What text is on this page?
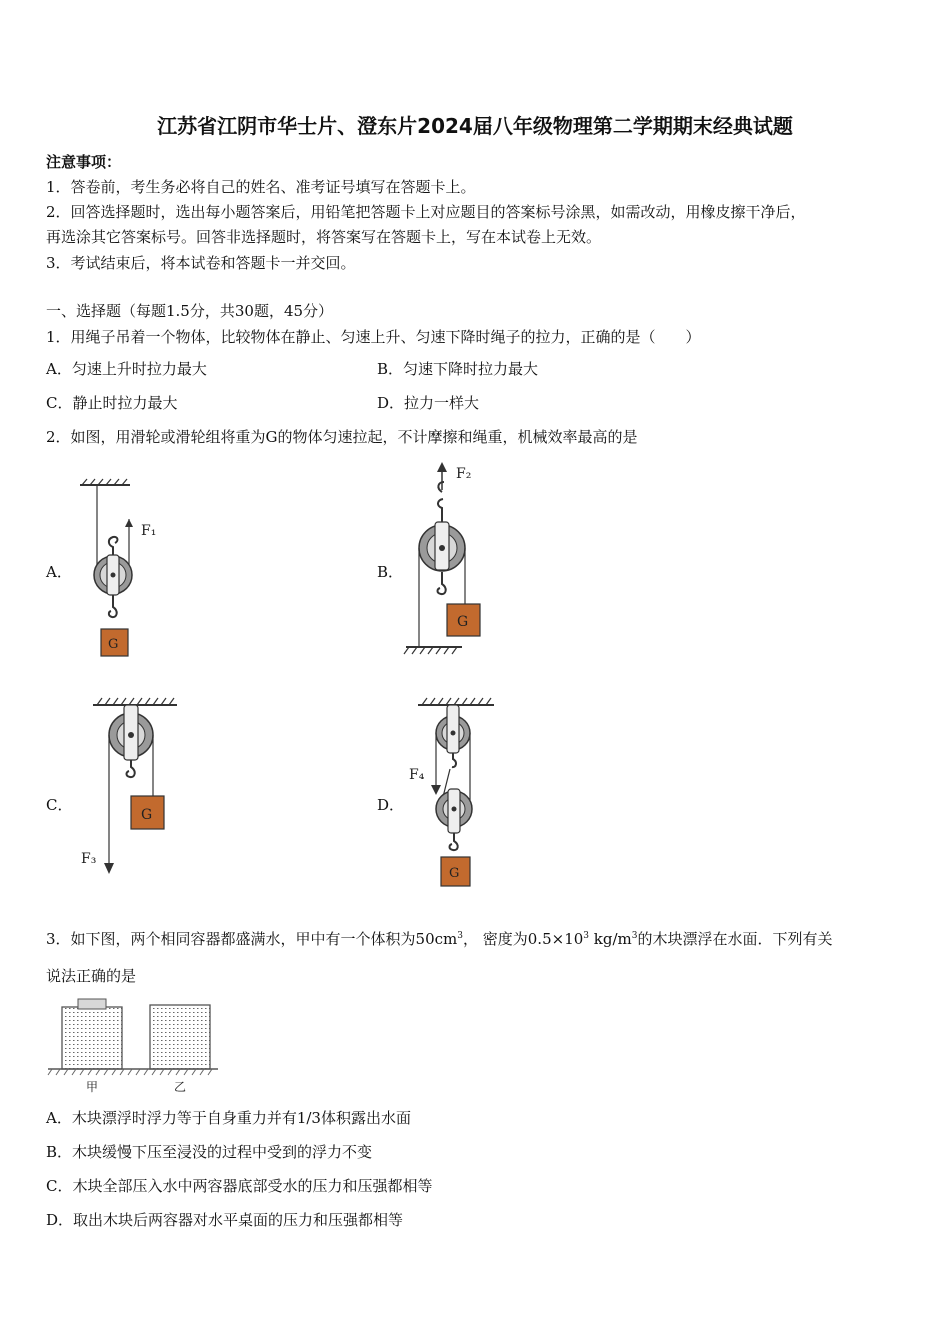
江苏省江阴市华士片、澄东片2024届八年级物理第二学期期末经典试题
注意事项：
1．答卷前，考生务必将自己的姓名、准考证号填写在答题卡上。
2．回答选择题时，选出每小题答案后，用铅笔把答题卡上对应题目的答案标号涂黑，如需改动，用橡皮擦干净后，
再选涂其它答案标号。回答非选择题时，将答案写在答题卡上，写在本试卷上无效。
3．考试结束后，将本试卷和答题卡一并交回。
一、选择题（每题1.5分，共30题，45分）
1．用绳子吊着一个物体，比较物体在静止、匀速上升、匀速下降时绳子的拉力，正确的是（　　）
A．匀速上升时拉力最大	B．匀速下降时拉力最大
C．静止时拉力最大	D．拉力一样大
2．如图，用滑轮或滑轮组将重为G的物体匀速拉起，不计摩擦和绳重，机械效率最高的是
A．	B．
C．	D．
F₁
G
F₂
G
F₃
G
F₄
G
3．如下图，两个相同容器都盛满水，甲中有一个体积为$50cm^3$， 密度为$0.5\times 10^3$ $kg/m^3$的木块漂浮在水面．下列有关
说法正确的是
甲	乙
A．木块漂浮时浮力等于自身重力并有1/3体积露出水面
B．木块缓慢下压至浸没的过程中受到的浮力不变
C．木块全部压入水中两容器底部受水的压力和压强都相等
D．取出木块后两容器对水平桌面的压力和压强都相等
